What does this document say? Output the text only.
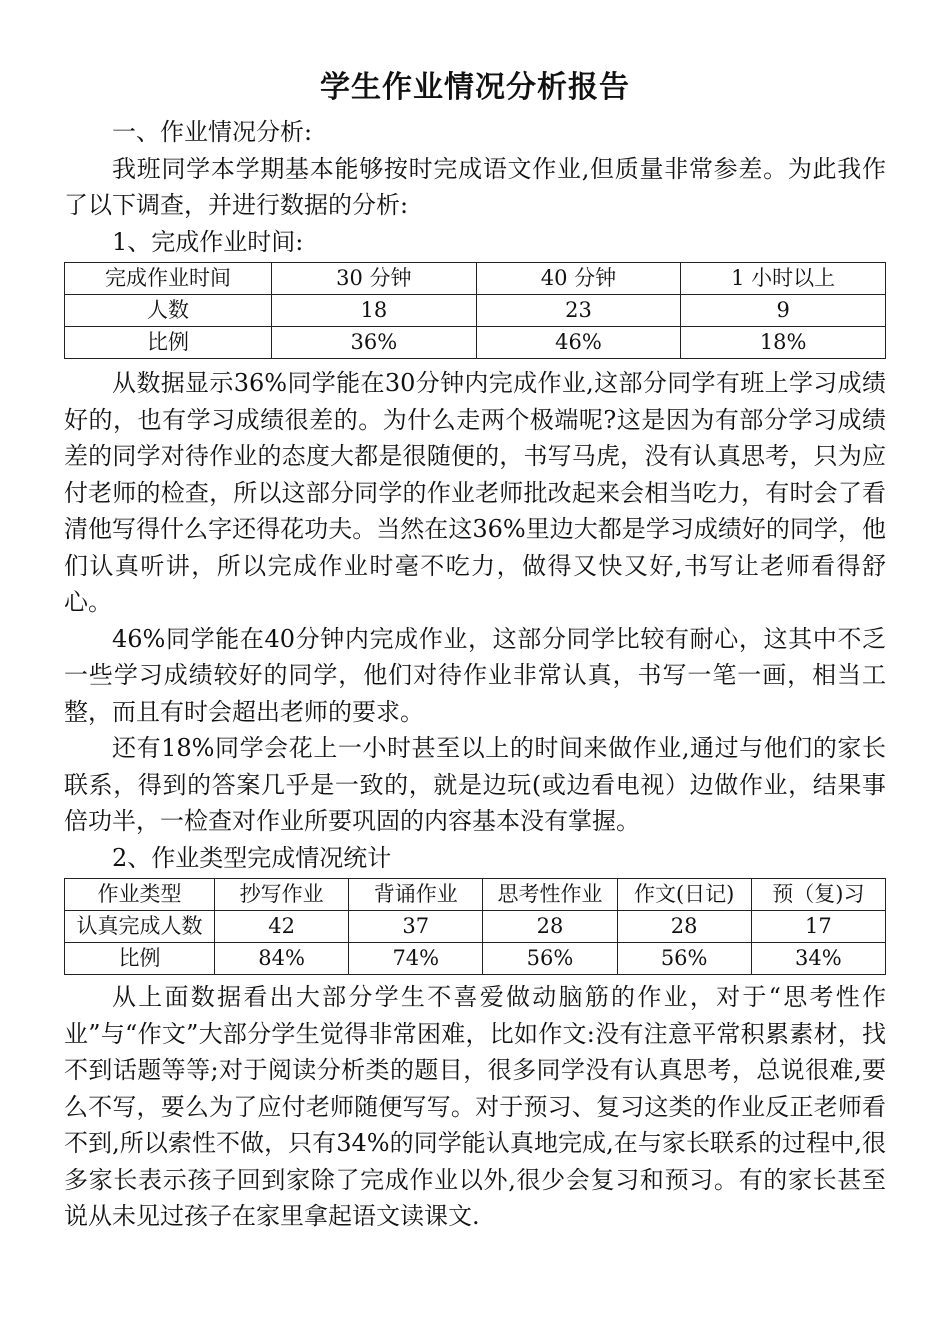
学生作业情况分析报告

一、作业情况分析:

我班同学本学期基本能够按时完成语文作业,但质量非常参差。为此我作了以下调查，并进行数据的分析:

1、完成作业时间:

完成作业时间	30 分钟	40 分钟	1 小时以上
人数	18	23	9
比例	36%	46%	18%

从数据显示36%同学能在30分钟内完成作业,这部分同学有班上学习成绩好的，也有学习成绩很差的。为什么走两个极端呢?这是因为有部分学习成绩差的同学对待作业的态度大都是很随便的，书写马虎，没有认真思考，只为应付老师的检查，所以这部分同学的作业老师批改起来会相当吃力，有时会了看清他写得什么字还得花功夫。当然在这36%里边大都是学习成绩好的同学，他们认真听讲，所以完成作业时毫不吃力，做得又快又好,书写让老师看得舒心。

46%同学能在40分钟内完成作业，这部分同学比较有耐心，这其中不乏一些学习成绩较好的同学，他们对待作业非常认真，书写一笔一画，相当工整，而且有时会超出老师的要求。

还有18%同学会花上一小时甚至以上的时间来做作业,通过与他们的家长联系，得到的答案几乎是一致的，就是边玩(或边看电视）边做作业，结果事倍功半，一检查对作业所要巩固的内容基本没有掌握。

2、作业类型完成情况统计

作业类型	抄写作业	背诵作业	思考性作业	作文(日记)	预（复)习
认真完成人数	42	37	28	28	17
比例	84%	74%	56%	56%	34%

从上面数据看出大部分学生不喜爱做动脑筋的作业，对于“思考性作业”与“作文”大部分学生觉得非常困难，比如作文:没有注意平常积累素材，找不到话题等等;对于阅读分析类的题目，很多同学没有认真思考，总说很难,要么不写，要么为了应付老师随便写写。对于预习、复习这类的作业反正老师看不到,所以索性不做，只有34%的同学能认真地完成,在与家长联系的过程中,很多家长表示孩子回到家除了完成作业以外,很少会复习和预习。有的家长甚至说从未见过孩子在家里拿起语文读课文.
